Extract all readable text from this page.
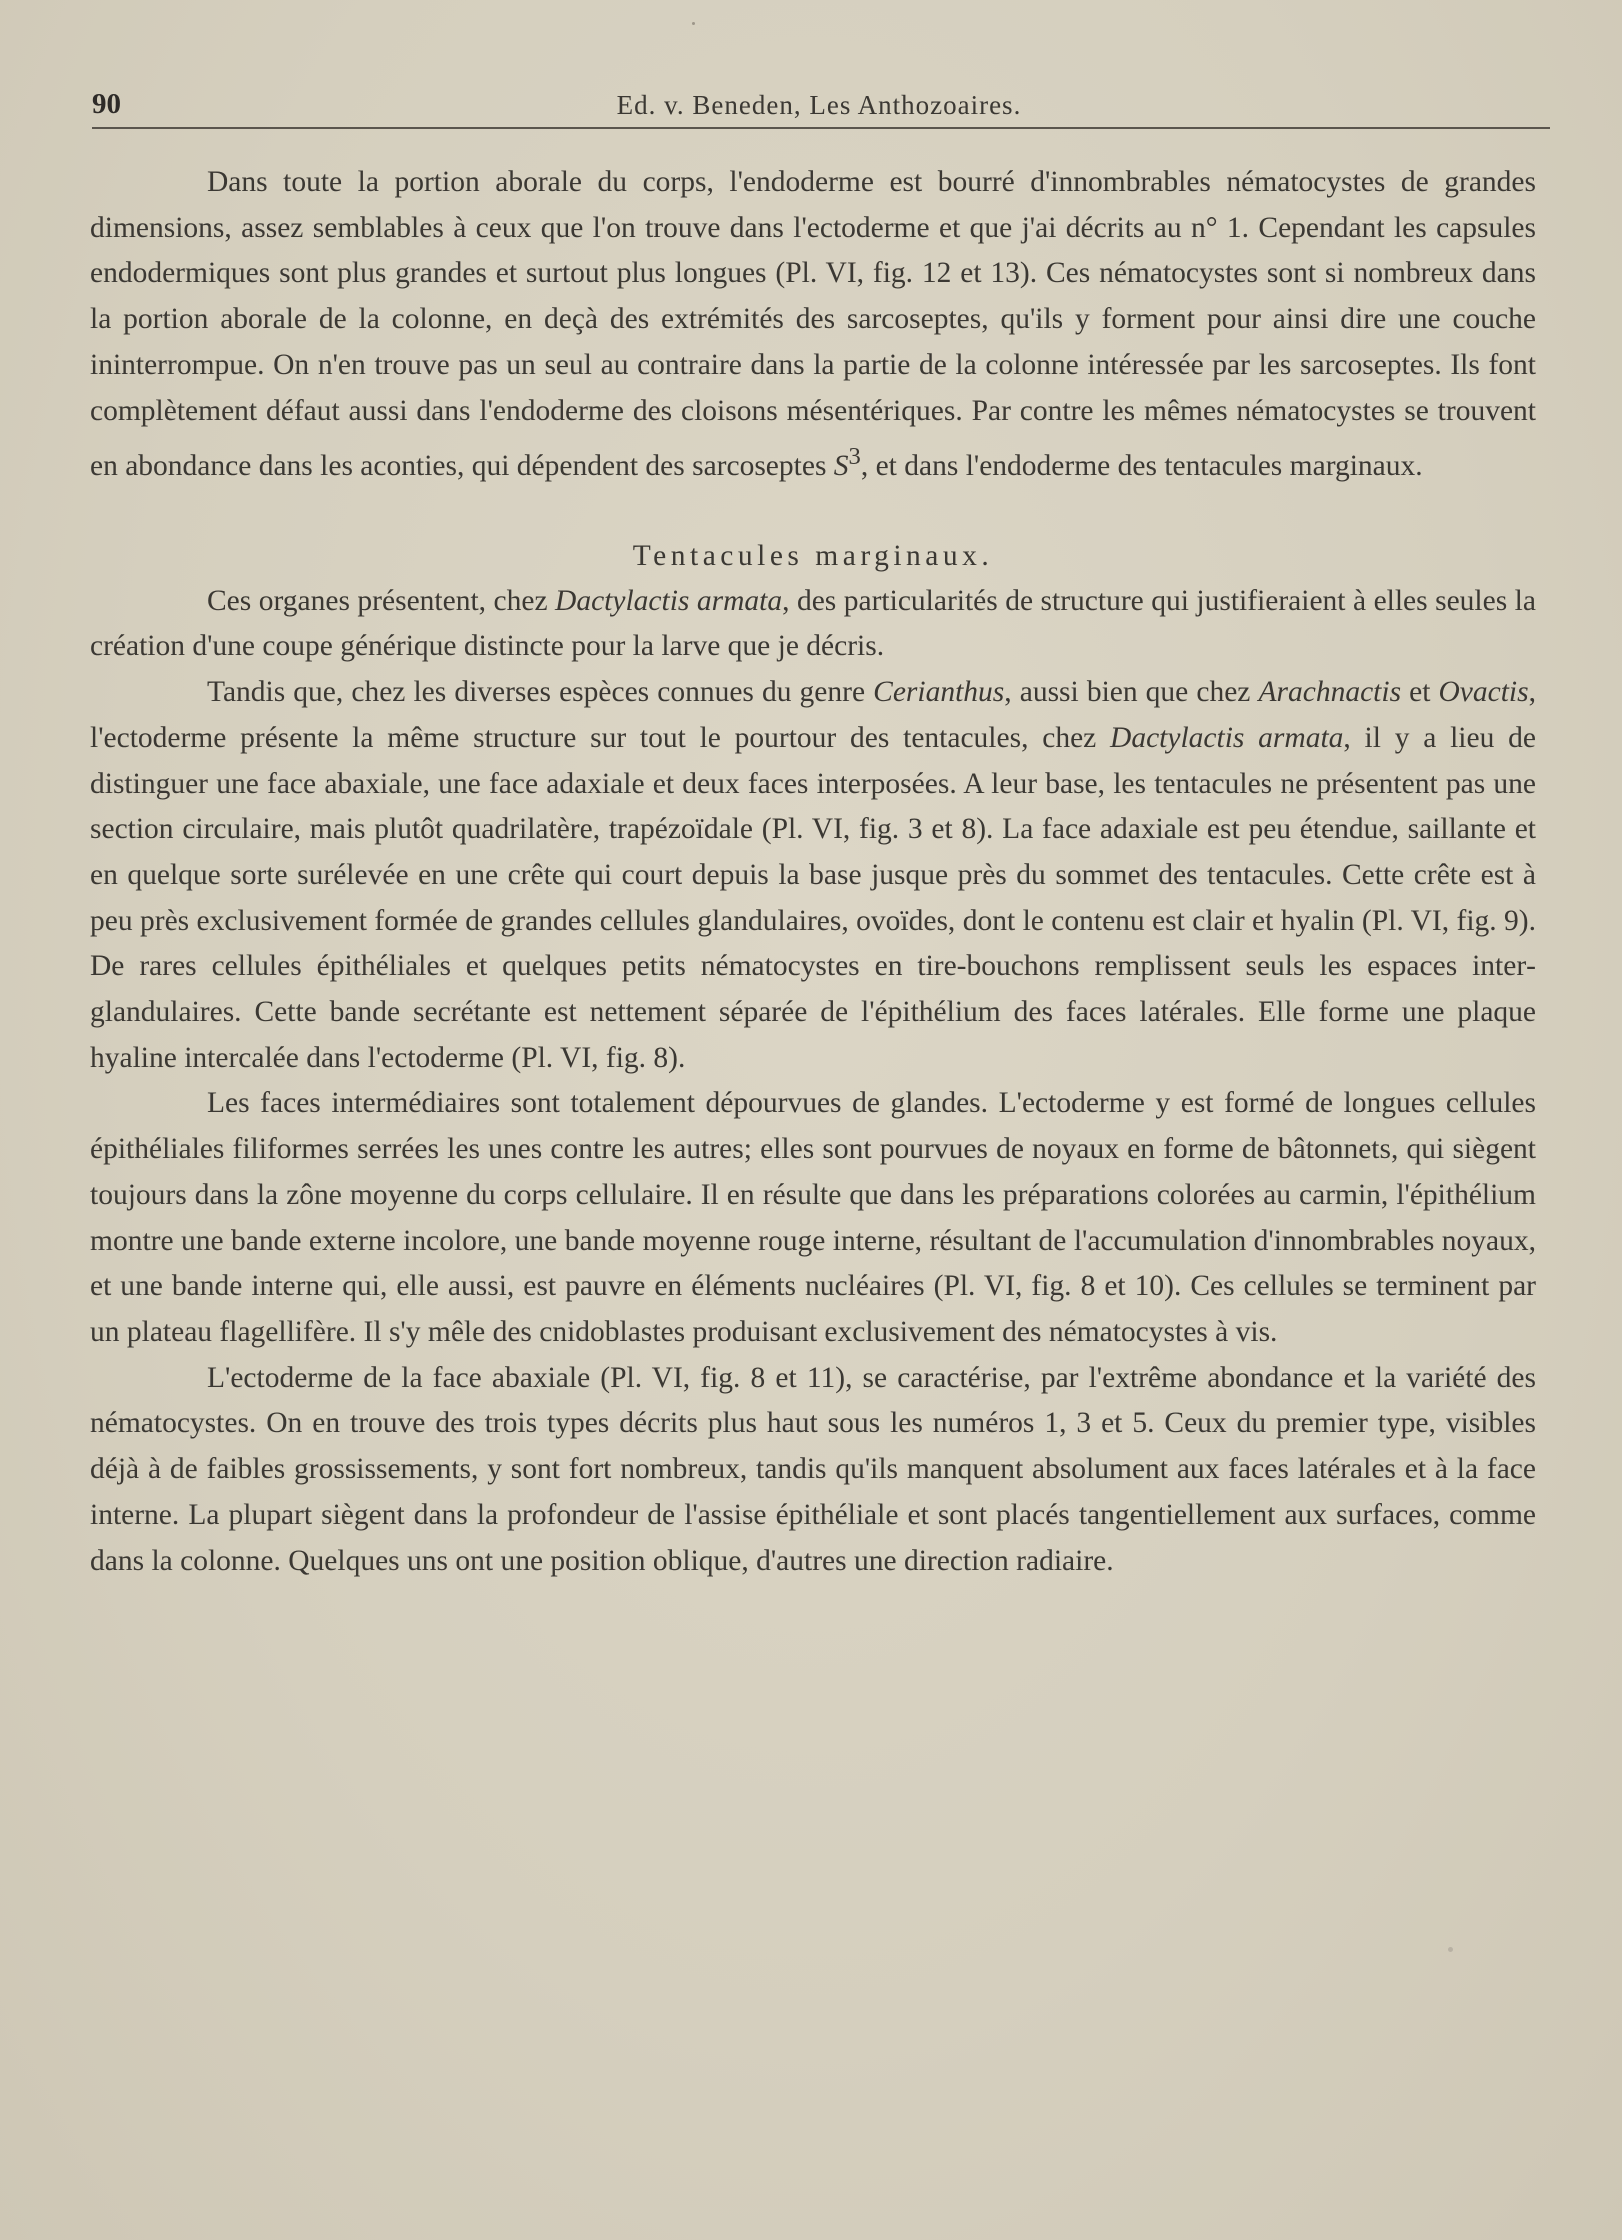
90	Ed. v. Beneden, Les Anthozoaires.

Dans toute la portion aborale du corps, l'endoderme est bourré d'innombrables nématocystes de grandes dimensions, assez semblables à ceux que l'on trouve dans l'ectoderme et que j'ai décrits au n° 1. Cependant les capsules endodermiques sont plus grandes et surtout plus longues (Pl. VI, fig. 12 et 13). Ces nématocystes sont si nombreux dans la portion aborale de la colonne, en deçà des extrémités des sarcoseptes, qu'ils y forment pour ainsi dire une couche ininterrompue. On n'en trouve pas un seul au contraire dans la partie de la colonne intéressée par les sarcoseptes. Ils font complètement défaut aussi dans l'endoderme des cloisons mésentériques. Par contre les mêmes nématocystes se trouvent en abondance dans les aconties, qui dépendent des sarcoseptes $S^3$, et dans l'endoderme des tentacules marginaux.

Tentacules marginaux.

Ces organes présentent, chez Dactylactis armata, des particularités de structure qui justifieraient à elles seules la création d'une coupe générique distincte pour la larve que je décris.

Tandis que, chez les diverses espèces connues du genre Cerianthus, aussi bien que chez Arachnactis et Ovactis, l'ectoderme présente la même structure sur tout le pourtour des tentacules, chez Dactylactis armata, il y a lieu de distinguer une face abaxiale, une face adaxiale et deux faces interposées. A leur base, les tentacules ne présentent pas une section circulaire, mais plutôt quadrilatère, trapézoïdale (Pl. VI, fig. 3 et 8). La face adaxiale est peu étendue, saillante et en quelque sorte surélevée en une crête qui court depuis la base jusque près du sommet des tentacules. Cette crête est à peu près exclusivement formée de grandes cellules glandulaires, ovoïdes, dont le contenu est clair et hyalin (Pl. VI, fig. 9). De rares cellules épithéliales et quelques petits nématocystes en tire-bouchons remplissent seuls les espaces interglandulaires. Cette bande secrétante est nettement séparée de l'épithélium des faces latérales. Elle forme une plaque hyaline intercalée dans l'ectoderme (Pl. VI, fig. 8).

Les faces intermédiaires sont totalement dépourvues de glandes. L'ectoderme y est formé de longues cellules épithéliales filiformes serrées les unes contre les autres; elles sont pourvues de noyaux en forme de bâtonnets, qui siègent toujours dans la zône moyenne du corps cellulaire. Il en résulte que dans les préparations colorées au carmin, l'épithélium montre une bande externe incolore, une bande moyenne rouge interne, résultant de l'accumulation d'innombrables noyaux, et une bande interne qui, elle aussi, est pauvre en éléments nucléaires (Pl. VI, fig. 8 et 10). Ces cellules se terminent par un plateau flagellifère. Il s'y mêle des cnidoblastes produisant exclusivement des nématocystes à vis.

L'ectoderme de la face abaxiale (Pl. VI, fig. 8 et 11), se caractérise, par l'extrême abondance et la variété des nématocystes. On en trouve des trois types décrits plus haut sous les numéros 1, 3 et 5. Ceux du premier type, visibles déjà à de faibles grossissements, y sont fort nombreux, tandis qu'ils manquent absolument aux faces latérales et à la face interne. La plupart siègent dans la profondeur de l'assise épithéliale et sont placés tangentiellement aux surfaces, comme dans la colonne. Quelques uns ont une position oblique, d'autres une direction radiaire.
